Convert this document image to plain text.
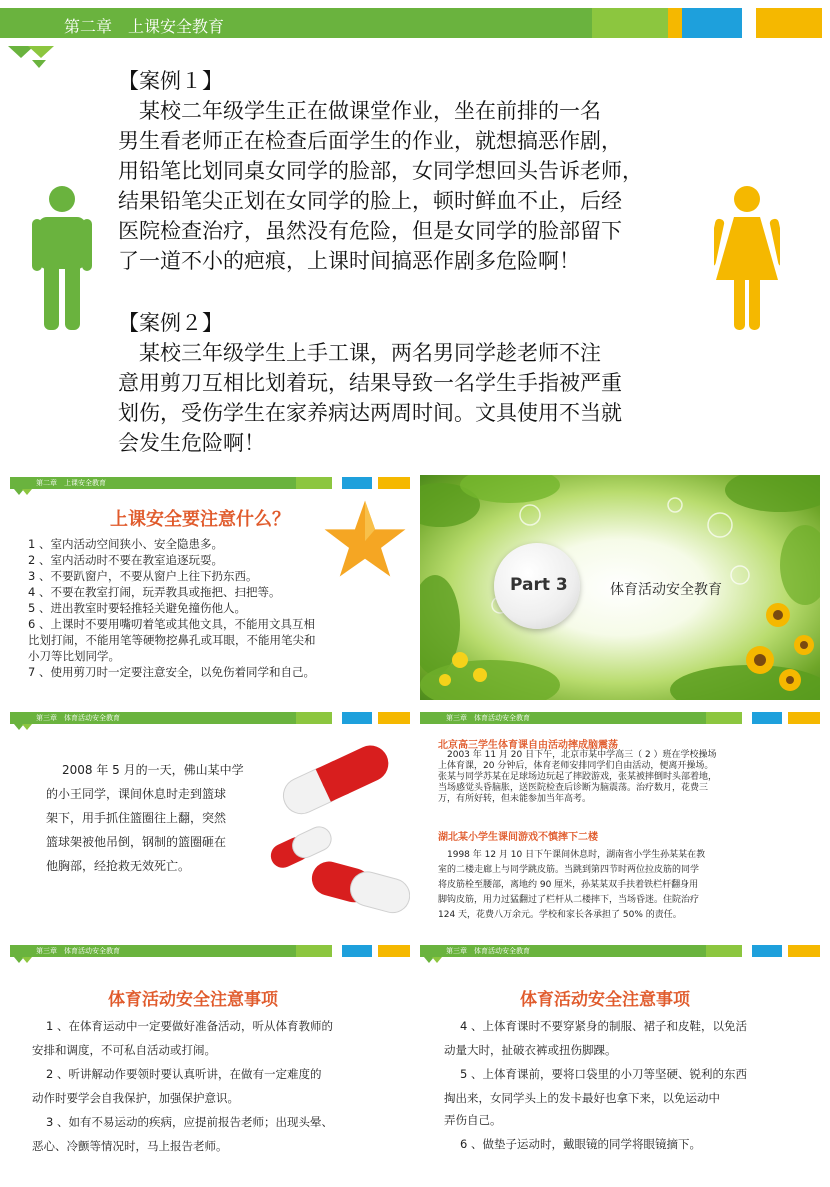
第二章　上课安全教育
【案例１】
　某校二年级学生正在做课堂作业，坐在前排的一名
男生看老师正在检查后面学生的作业，就想搞恶作剧，
用铅笔比划同桌女同学的脸部，女同学想回头告诉老师，
结果铅笔尖正划在女同学的脸上，顿时鲜血不止，后经
医院检查治疗，虽然没有危险，但是女同学的脸部留下
了一道不小的疤痕，上课时间搞恶作剧多危险啊！
【案例２】
　某校三年级学生上手工课，两名男同学趁老师不注
意用剪刀互相比划着玩，结果导致一名学生手指被严重
划伤，受伤学生在家养病达两周时间。文具使用不当就
会发生危险啊！
第二章　上课安全教育
上课安全要注意什么？
1 、室内活动空间狭小、安全隐患多。
2 、室内活动时不要在教室追逐玩耍。
3 、不要趴窗户，不要从窗户上往下扔东西。
4 、不要在教室打闹，玩弄教具或拖把、扫把等。
5 、进出教室时要轻推轻关避免撞伤他人。
6 、上课时不要用嘴叨着笔或其他文具，不能用文具互相
比划打闹，不能用笔等硬物挖鼻孔或耳眼，不能用笔尖和
小刀等比划同学。
7 、使用剪刀时一定要注意安全，以免伤着同学和自己。
Part 3	体育活动安全教育
第三章　体育活动安全教育
2008 年 5 月的一天，佛山某中学
的小王同学，课间休息时走到篮球
架下，用手抓住篮圈往上翻，突然
篮球架被他吊倒，钢制的篮圈砸在
他胸部，经抢救无效死亡。
第三章　体育活动安全教育
北京高三学生体育课自由活动摔成脑震荡
　2003 年 11 月 20 日下午，北京市某中学高三（ 2 ）班在学校操场
上体育课，20 分钟后，体育老师安排同学们自由活动，便离开操场。
张某与同学苏某在足球场边玩起了摔跤游戏，张某被摔倒时头部着地，
当场感觉头昏脑胀，送医院检查后诊断为脑震荡。治疗数月，花费三
万，有所好转，但未能参加当年高考。
湖北某小学生课间游戏不慎摔下二楼
　1998 年 12 月 10 日下午课间休息时，湖南省小学生孙某某在教
室的二楼走廊上与同学跳皮筋。当跳到第四节时两位拉皮筋的同学
将皮筋栓至腰部，离地约 90 厘米，孙某某双手扶着铁栏杆翻身用
脚钩皮筋，用力过猛翻过了栏杆从二楼摔下，当场昏迷。住院治疗
124 天，花费八万余元。学校和家长各承担了 50% 的责任。
第三章　体育活动安全教育
体育活动安全注意事项
1 、在体育运动中一定要做好准备活动，听从体育教师的
安排和调度，不可私自活动或打闹。
2 、听讲解动作要领时要认真听讲，在做有一定难度的
动作时要学会自我保护，加强保护意识。
3 、如有不易运动的疾病，应提前报告老师；出现头晕、
恶心、冷颤等情况时，马上报告老师。
第三章　体育活动安全教育
体育活动安全注意事项
4 、上体育课时不要穿紧身的制服、裙子和皮鞋，以免活
动量大时，扯破衣裤或扭伤脚踝。
5 、上体育课前，要将口袋里的小刀等坚硬、锐利的东西
掏出来，女同学头上的发卡最好也拿下来，以免运动中
弄伤自己。
6 、做垫子运动时，戴眼镜的同学将眼镜摘下。
